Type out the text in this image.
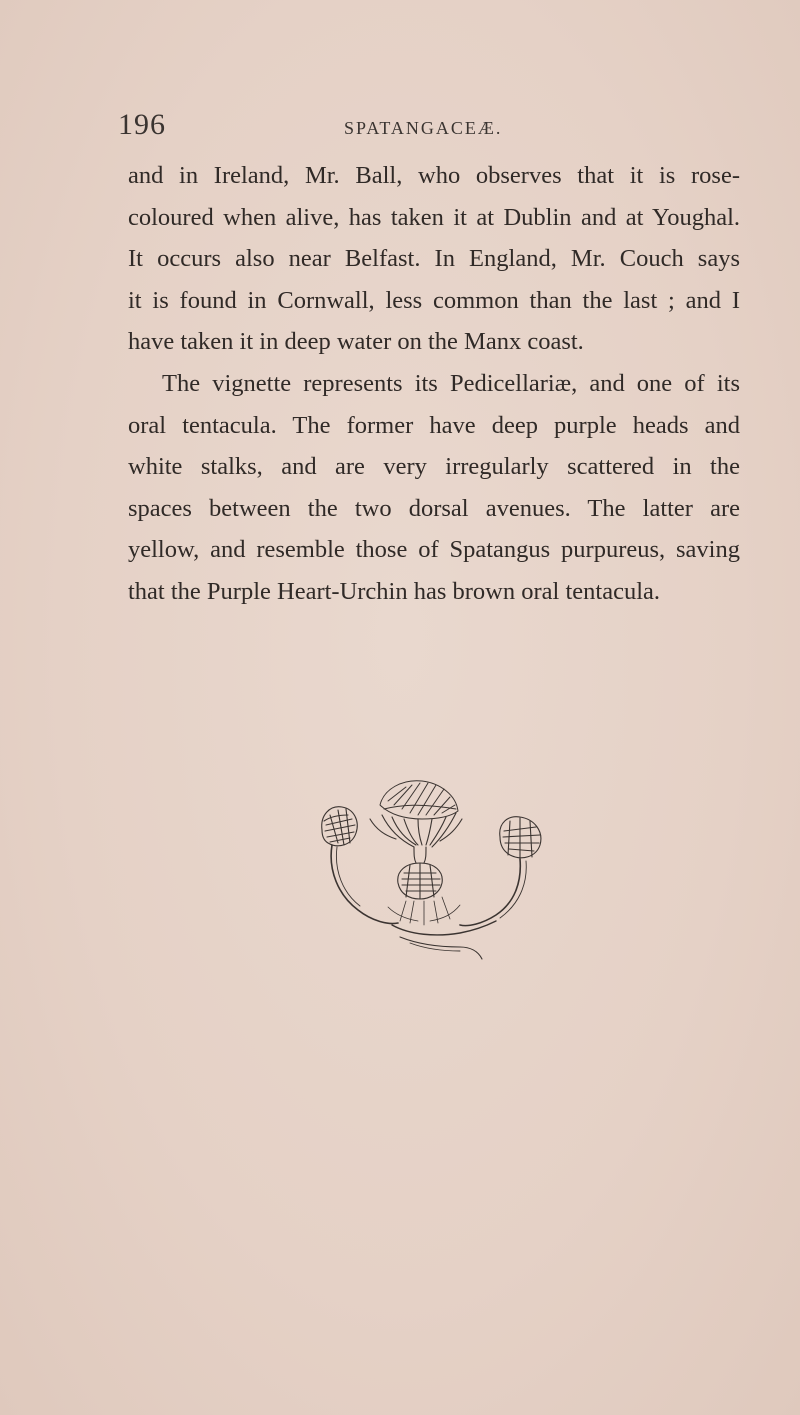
196	SPATANGACEÆ.
and in Ireland, Mr. Ball, who observes that it is rose-
coloured when alive, has taken it at Dublin and at Youghal.
It occurs also near Belfast. In England, Mr. Couch says
it is found in Cornwall, less common than the last ; and I
have taken it in deep water on the Manx coast.
The vignette represents its Pedicellariæ, and one of its
oral tentacula. The former have deep purple heads and
white stalks, and are very irregularly scattered in the
spaces between the two dorsal avenues. The latter are
yellow, and resemble those of Spatangus purpureus, saving
that the Purple Heart-Urchin has brown oral tentacula.
